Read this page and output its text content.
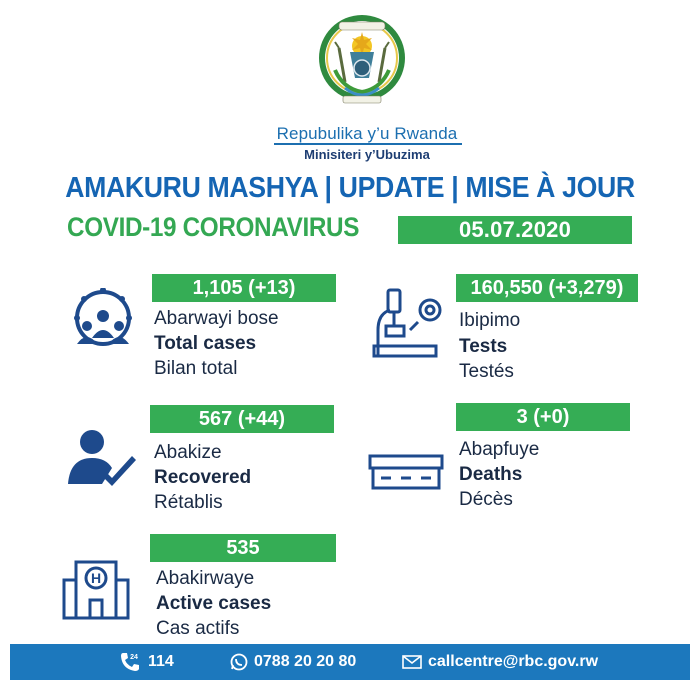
Repubulika y’u Rwanda
Minisiteri y’Ubuzima
AMAKURU MASHYA | UPDATE | MISE À JOUR
COVID-19 CORONAVIRUS	05.07.2020
1,105 (+13)
Abarwayi bose
Total cases
Bilan total
160,550 (+3,279)
Ibipimo
Tests
Testés
567 (+44)
Abakize
Recovered
Rétablis
3 (+0)
Abapfuye
Deaths
Décès
H
535
Abakirwaye
Active cases
Cas actifs
24 114	0788 20 20 80	callcentre@rbc.gov.rw
